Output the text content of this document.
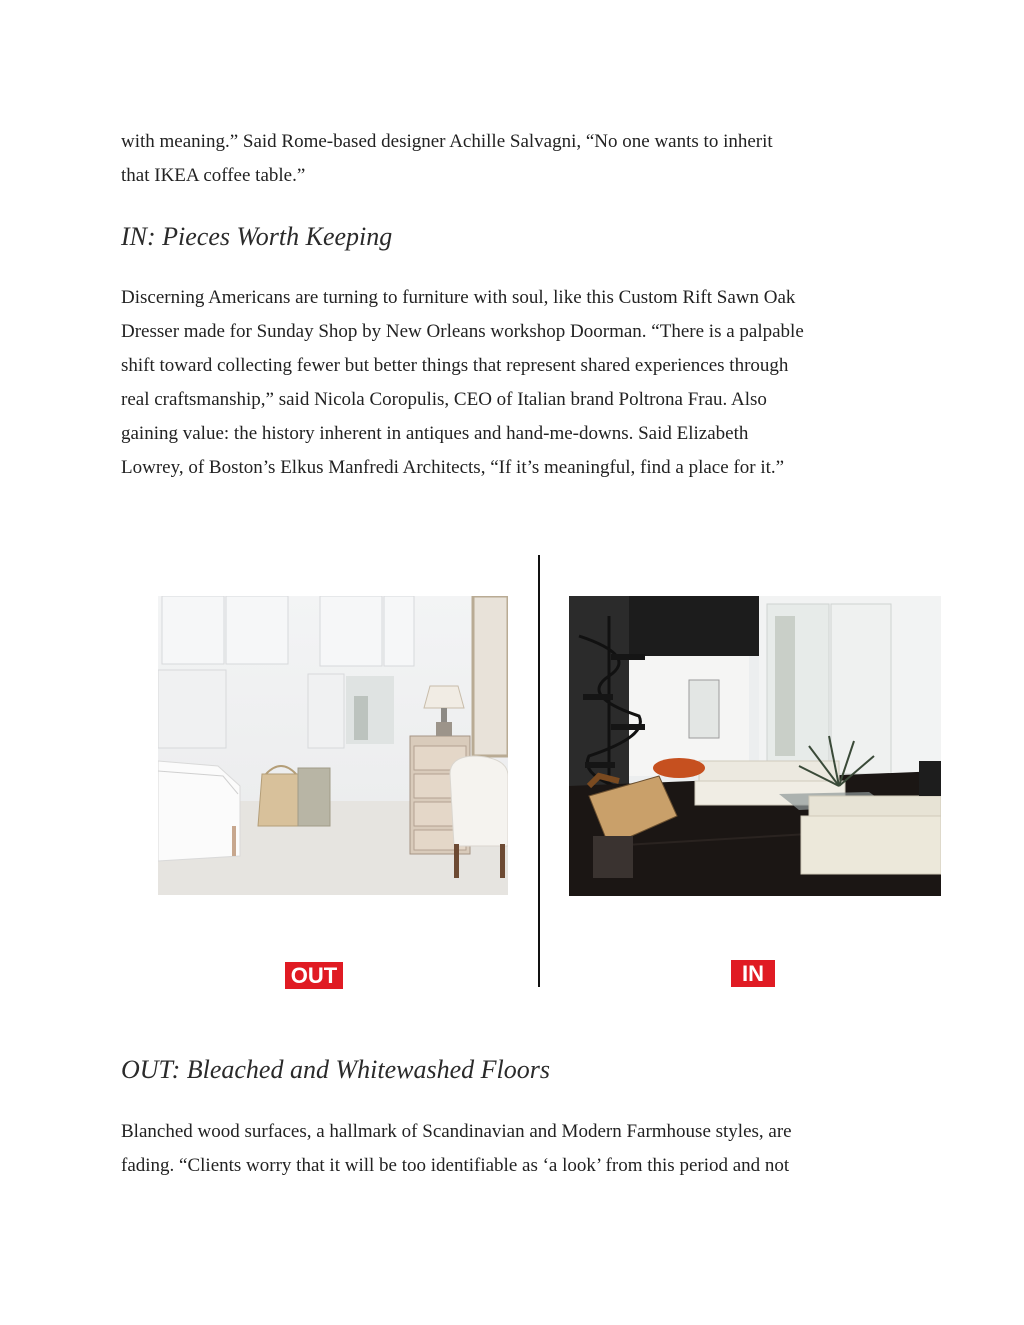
with meaning.” Said Rome-based designer Achille Salvagni, “No one wants to inherit
that IKEA coffee table.”
IN: Pieces Worth Keeping
Discerning Americans are turning to furniture with soul, like this Custom Rift Sawn Oak
Dresser made for Sunday Shop by New Orleans workshop Doorman. “There is a palpable
shift toward collecting fewer but better things that represent shared experiences through
real craftsmanship,” said Nicola Coropulis, CEO of Italian brand Poltrona Frau. Also
gaining value: the history inherent in antiques and hand-me-downs. Said Elizabeth
Lowrey, of Boston’s Elkus Manfredi Architects, “If it’s meaningful, find a place for it.”
OUT	IN
OUT: Bleached and Whitewashed Floors
Blanched wood surfaces, a hallmark of Scandinavian and Modern Farmhouse styles, are
fading. “Clients worry that it will be too identifiable as ‘a look’ from this period and not
